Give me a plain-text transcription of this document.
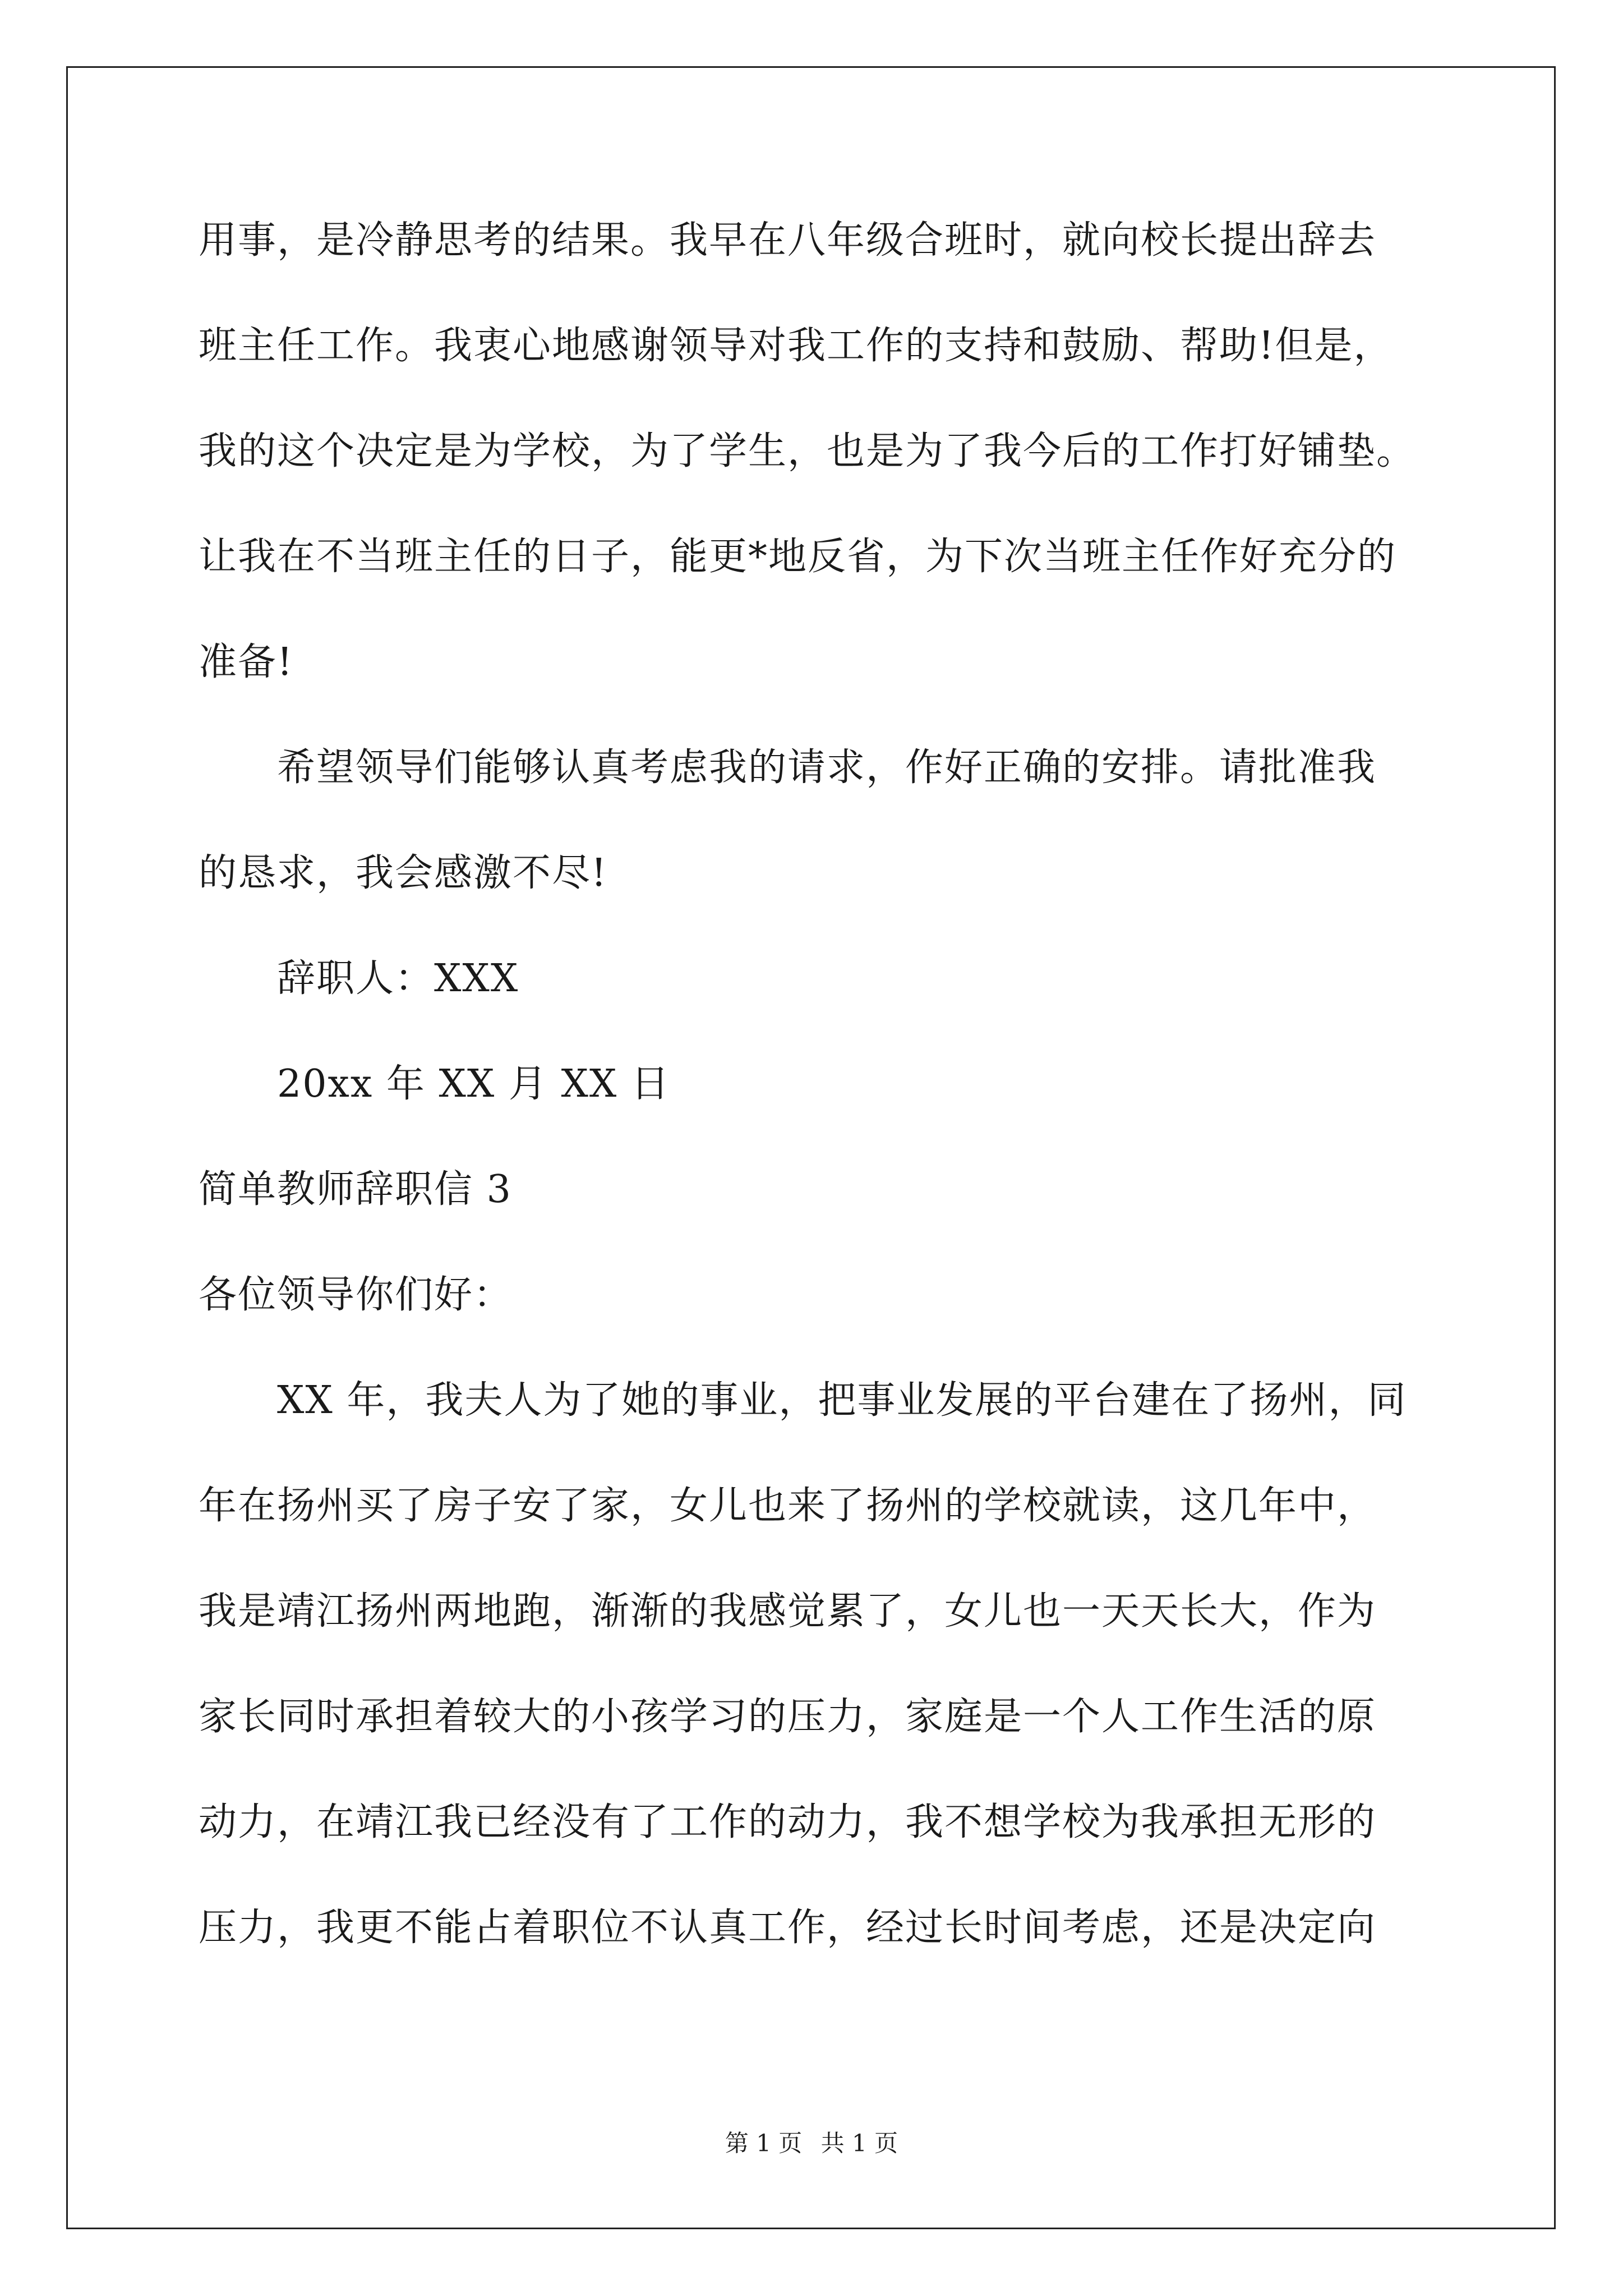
用事，是冷静思考的结果。我早在八年级合班时，就向校长提出辞去
班主任工作。我衷心地感谢领导对我工作的支持和鼓励、帮助!但是，
我的这个决定是为学校，为了学生，也是为了我今后的工作打好铺垫。
让我在不当班主任的日子，能更*地反省，为下次当班主任作好充分的
准备!
希望领导们能够认真考虑我的请求，作好正确的安排。请批准我
的恳求，我会感激不尽!
辞职人：XXX
20xx 年 XX 月 XX 日
简单教师辞职信 3
各位领导你们好：
XX 年，我夫人为了她的事业，把事业发展的平台建在了扬州，同
年在扬州买了房子安了家，女儿也来了扬州的学校就读，这几年中，
我是靖江扬州两地跑，渐渐的我感觉累了，女儿也一天天长大，作为
家长同时承担着较大的小孩学习的压力，家庭是一个人工作生活的原
动力，在靖江我已经没有了工作的动力，我不想学校为我承担无形的
压力，我更不能占着职位不认真工作，经过长时间考虑，还是决定向
第 1 页 共 1 页
